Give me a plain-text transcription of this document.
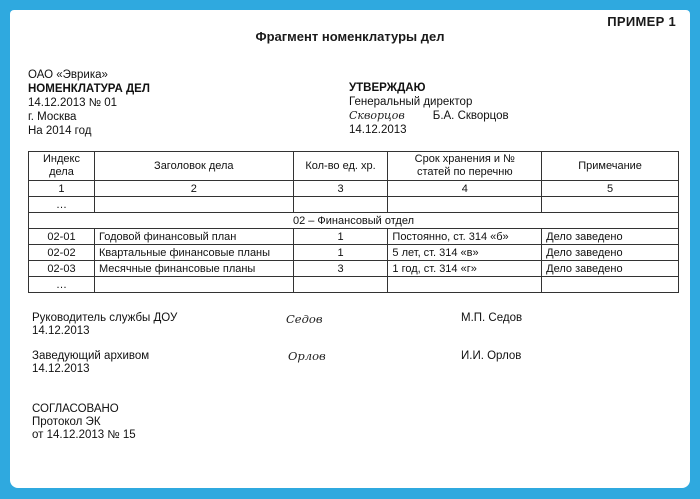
ПРИМЕР 1
Фрагмент номенклатуры дел
ОАО «Эврика»
НОМЕНКЛАТУРА ДЕЛ
14.12.2013 № 01
г. Москва
На 2014 год
УТВЕРЖДАЮ
Генеральный директор
Скворцов Б.А. Скворцов
14.12.2013
Индекс дела	Заголовок дела	Кол-во ед. хр.	Срок хранения и № статей по перечню	Примечание
1	2	3	4	5
…				
02 – Финансовый отдел				
02-01	Годовой финансовый план	1	Постоянно, ст. 314 «б»	Дело заведено
02-02	Квартальные финансовые планы	1	5 лет, ст. 314 «в»	Дело заведено
02-03	Месячные финансовые планы	3	1 год, ст. 314 «г»	Дело заведено
…				
Руководитель службы ДОУ
14.12.2013
Седов	М.П. Седов
Заведующий архивом
14.12.2013
Орлов	И.И. Орлов
СОГЛАСОВАНО
Протокол ЭК
от 14.12.2013 № 15
